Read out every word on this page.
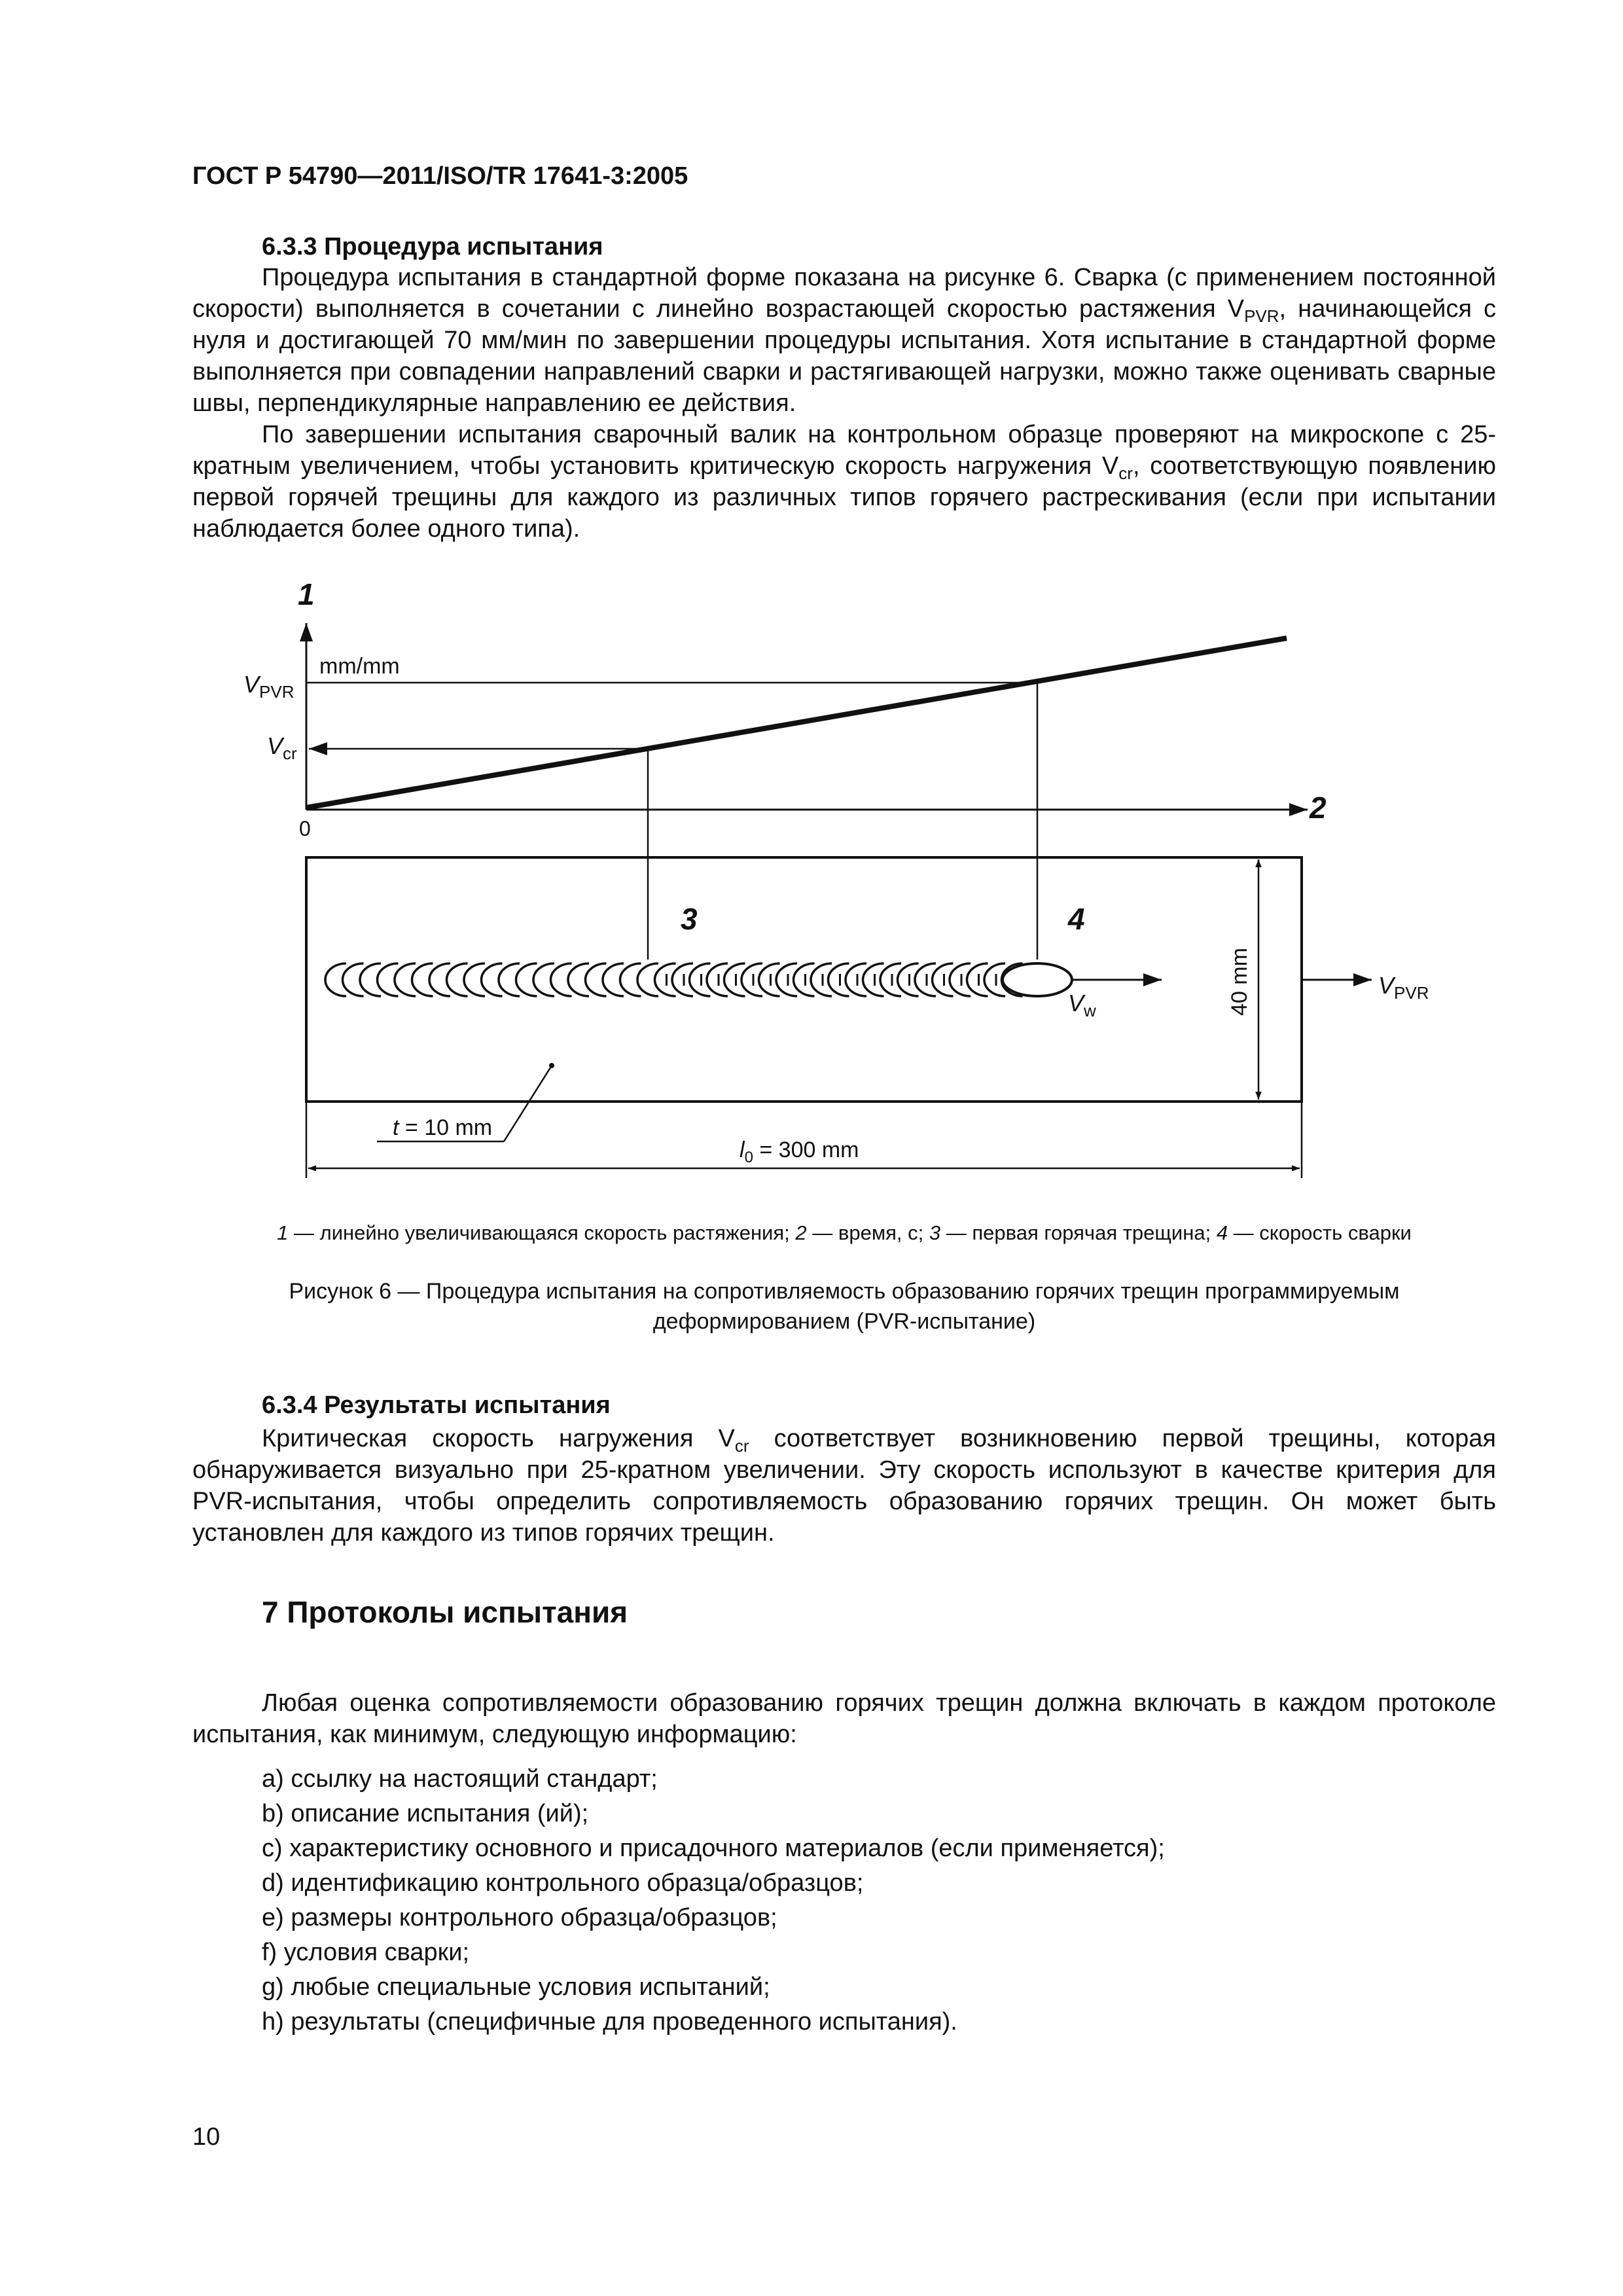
ГОСТ Р 54790—2011/ISO/TR 17641-3:2005
6.3.3 Процедура испытания

Процедура испытания в стандартной форме показана на рисунке 6. Сварка (с применением постоянной скорости) выполняется в сочетании с линейно возрастающей скоростью растяжения $V_{PVR}$, начинающейся с нуля и достигающей 70 мм/мин по завершении процедуры испытания. Хотя испытание в стандартной форме выполняется при совпадении направлений сварки и растягивающей нагрузки, можно также оценивать сварные швы, перпендикулярные направлению ее действия.

По завершении испытания сварочный валик на контрольном образце проверяют на микроскопе с 25-кратным увеличением, чтобы установить критическую скорость нагружения $V_{cr}$, соответствующую появлению первой горячей трещины для каждого из различных типов горячего растрескивания (если при испытании наблюдается более одного типа).

1
2
mm/mm
$V_{PVR}$
$V_{cr}$
0
3	4
$V_w$	40 mm	$V_{PVR}$
t = 10 mm
$l_0 = 300$ mm
1 — линейно увеличивающаяся скорость растяжения; 2 — время, с; 3 — первая горячая трещина; 4 — скорость сварки
Рисунок 6 — Процедура испытания на сопротивляемость образованию горячих трещин программируемым
деформированием (PVR-испытание)
6.3.4 Результаты испытания

Критическая скорость нагружения $V_{cr}$ соответствует возникновению первой трещины, которая обнаруживается визуально при 25-кратном увеличении. Эту скорость используют в качестве критерия для PVR-испытания, чтобы определить сопротивляемость образованию горячих трещин. Он может быть установлен для каждого из типов горячих трещин.

7 Протоколы испытания

Любая оценка сопротивляемости образованию горячих трещин должна включать в каждом протоколе испытания, как минимум, следующую информацию:

a) ссылку на настоящий стандарт;
b) описание испытания (ий);
c) характеристику основного и присадочного материалов (если применяется);
d) идентификацию контрольного образца/образцов;
e) размеры контрольного образца/образцов;
f) условия сварки;
g) любые специальные условия испытаний;
h) результаты (специфичные для проведенного испытания).
10
